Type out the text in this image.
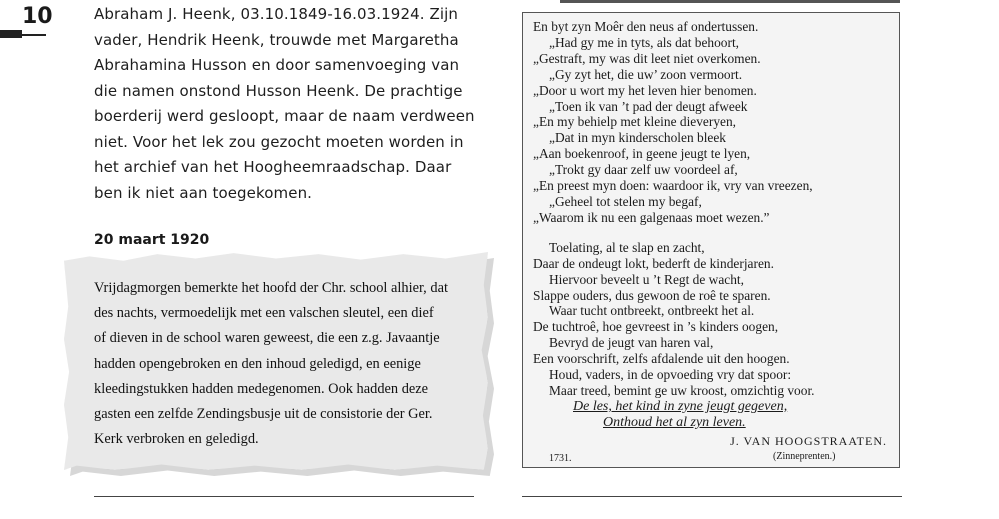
10	Abraham J. Heenk, 03.10.1849-16.03.1924. Zijn
vader, Hendrik Heenk, trouwde met Margaretha
Abrahamina Husson en door samenvoeging van
die namen onstond Husson Heenk. De prachtige
boerderij werd gesloopt, maar de naam verdween
niet. Voor het lek zou gezocht moeten worden in
het archief van het Hoogheemraadschap. Daar
ben ik niet aan toegekomen.

20 maart 1920

Vrijdagmorgen bemerkte het hoofd der Chr. school alhier, dat
des nachts, vermoedelijk met een valschen sleutel, een dief
of dieven in de school waren geweest, die een z.g. Javaantje
hadden opengebroken en den inhoud geledigd, en eenige
kleedingstukken hadden medegenomen. Ook hadden deze
gasten een zelfde Zendingsbusje uit de consistorie der Ger.
Kerk verbroken en geledigd.

En byt zyn Moêr den neus af ondertussen.
„Had gy me in tyts, als dat behoort,
„Gestraft, my was dit leet niet overkomen.
„Gy zyt het, die uw’ zoon vermoort.
„Door u wort my het leven hier benomen.
„Toen ik van ’t pad der deugt afweek
„En my behielp met kleine dieveryen,
„Dat in myn kinderscholen bleek
„Aan boekenroof, in geene jeugt te lyen,
„Trokt gy daar zelf uw voordeel af,
„En preest myn doen: waardoor ik, vry van vreezen,
„Geheel tot stelen my begaf,
„Waarom ik nu een galgenaas moet wezen.”
Toelating, al te slap en zacht,
Daar de ondeugt lokt, bederft de kinderjaren.
Hiervoor beveelt u ’t Regt de wacht,
Slappe ouders, dus gewoon de roê te sparen.
Waar tucht ontbreekt, ontbreekt het al.
De tuchtroê, hoe gevreest in ’s kinders oogen,
Bevryd de jeugt van haren val,
Een voorschrift, zelfs afdalende uit den hoogen.
Houd, vaders, in de opvoeding vry dat spoor:
Maar treed, bemint ge uw kroost, omzichtig voor.
De les, het kind in zyne jeugt gegeven,
Onthoud het al zyn leven.
J. VAN HOOGSTRAATEN.
1731.	(Zinneprenten.)
